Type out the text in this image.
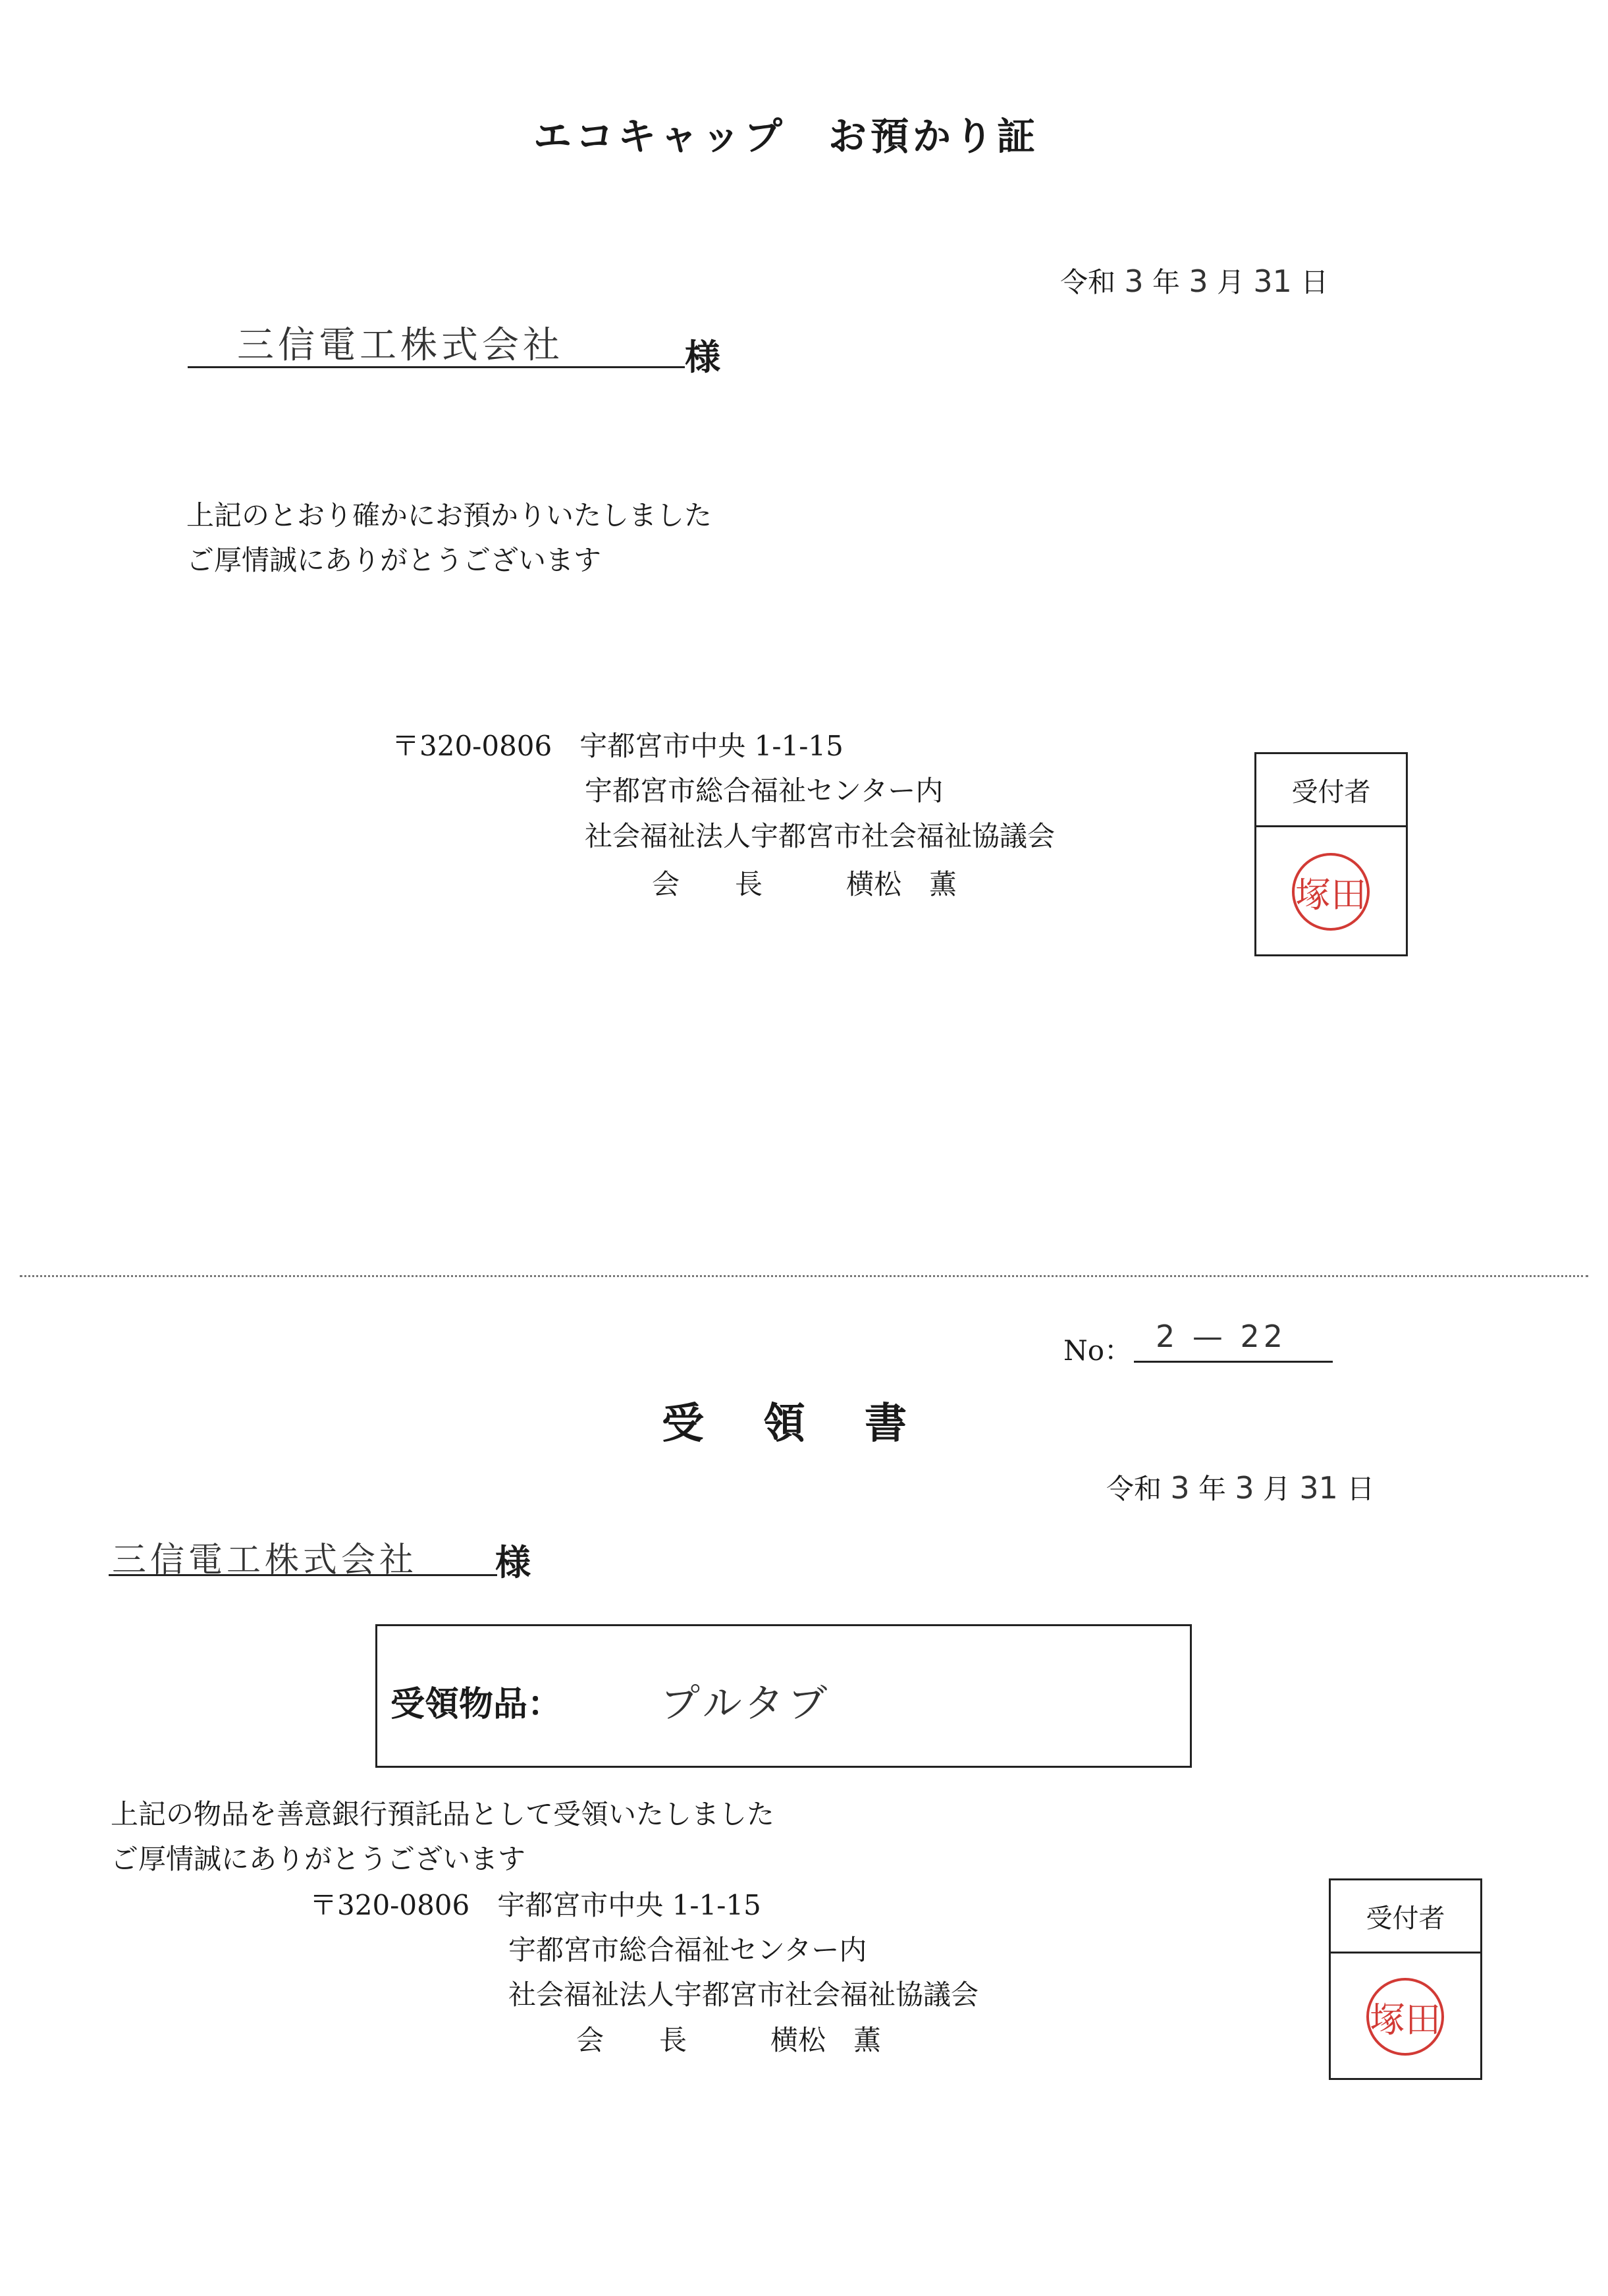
エコキャップ　お預かり証
令和 3 年 3 月 31 日
三信電工株式会社	様
上記のとおり確かにお預かりいたしました
ご厚情誠にありがとうございます
〒320-0806　宇都宮市中央 1-1-15
宇都宮市総合福祉センター内
社会福祉法人宇都宮市社会福祉協議会
会　　長	横松　薫
受付者
塚田
No： 2 — 22
受領書
令和 3 年 3 月 31 日
三信電工株式会社 様
受領物品： プルタブ
上記の物品を善意銀行預託品として受領いたしました
ご厚情誠にありがとうございます
〒320-0806　宇都宮市中央 1-1-15
宇都宮市総合福祉センター内
社会福祉法人宇都宮市社会福祉協議会
会　　長	横松　薫
受付者
塚田
